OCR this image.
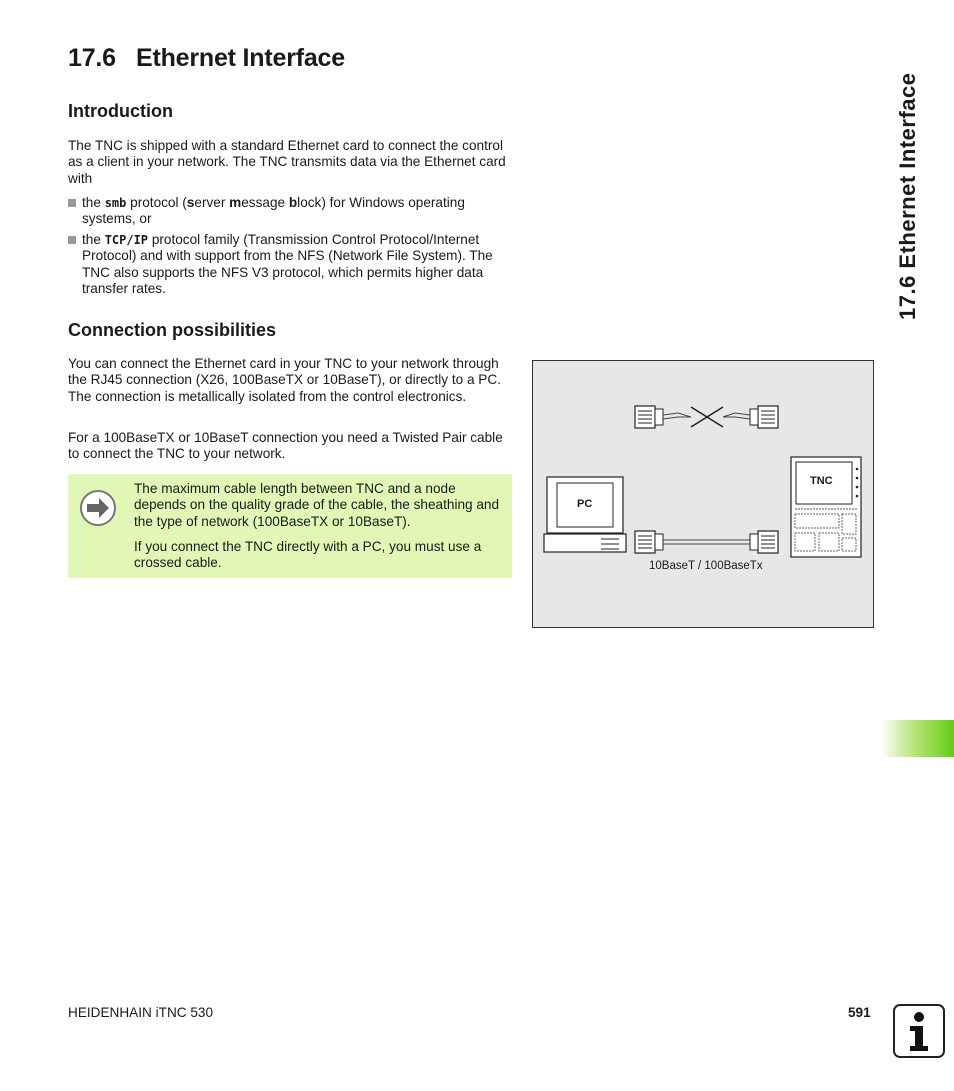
17.6 Ethernet Interface
Introduction

The TNC is shipped with a standard Ethernet card to connect the control as a client in your network. The TNC transmits data via the Ethernet card with

the smb protocol (server message block) for Windows operating systems, or
the TCP/IP protocol family (Transmission Control Protocol/Internet Protocol) and with support from the NFS (Network File System). The TNC also supports the NFS V3 protocol, which permits higher data transfer rates.
Connection possibilities

You can connect the Ethernet card in your TNC to your network through the RJ45 connection (X26, 100BaseTX or 10BaseT), or directly to a PC. The connection is metallically isolated from the control electronics.

For a 100BaseTX or 10BaseT connection you need a Twisted Pair cable to connect the TNC to your network.

The maximum cable length between TNC and a node depends on the quality grade of the cable, the sheathing and the type of network (100BaseTX or 10BaseT).

If you connect the TNC directly with a PC, you must use a crossed cable.

PC
TNC
10BaseT / 100BaseTx
17.6 Ethernet Interface
HEIDENHAIN iTNC 530	591
